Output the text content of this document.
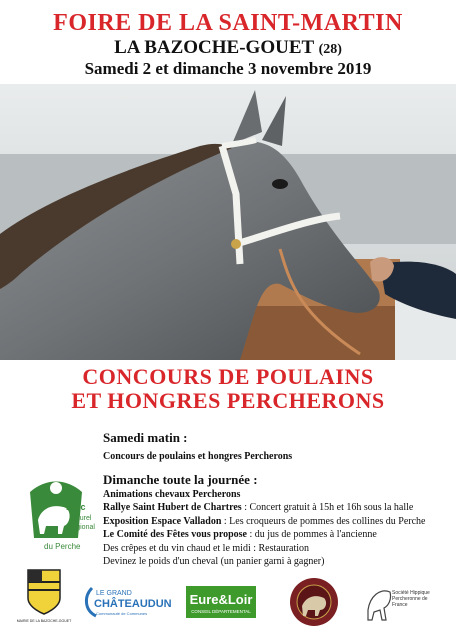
FOIRE DE LA SAINT-MARTIN
LA BAZOCHE-GOUET (28)
Samedi 2 et dimanche 3 novembre 2019
CONCOURS DE POULAINS
ET HONGRES PERCHERONS
Samedi matin :
Concours de poulains et hongres Percherons
Dimanche toute la journée :
Animations chevaux Percherons
Rallye Saint Hubert de Chartres : Concert gratuit à 15h et 16h sous la halle
Exposition Espace Valladon : Les croqueurs de pommes des collines du Perche
Le Comité des Fêtes vous propose : du jus de pommes à l'ancienne
Des crêpes et du vin chaud et le midi : Restauration
Devinez le poids d'un cheval (un panier garni à gagner)
Parc
naturel
régional
du Perche
MAIRIE DE LA BAZOCHE-GOUET
LE GRAND
CHÂTEAUDUN
Communauté de Communes
Eure&Loir
CONSEIL DÉPARTEMENTAL
Société Hippique Percheronne de France
